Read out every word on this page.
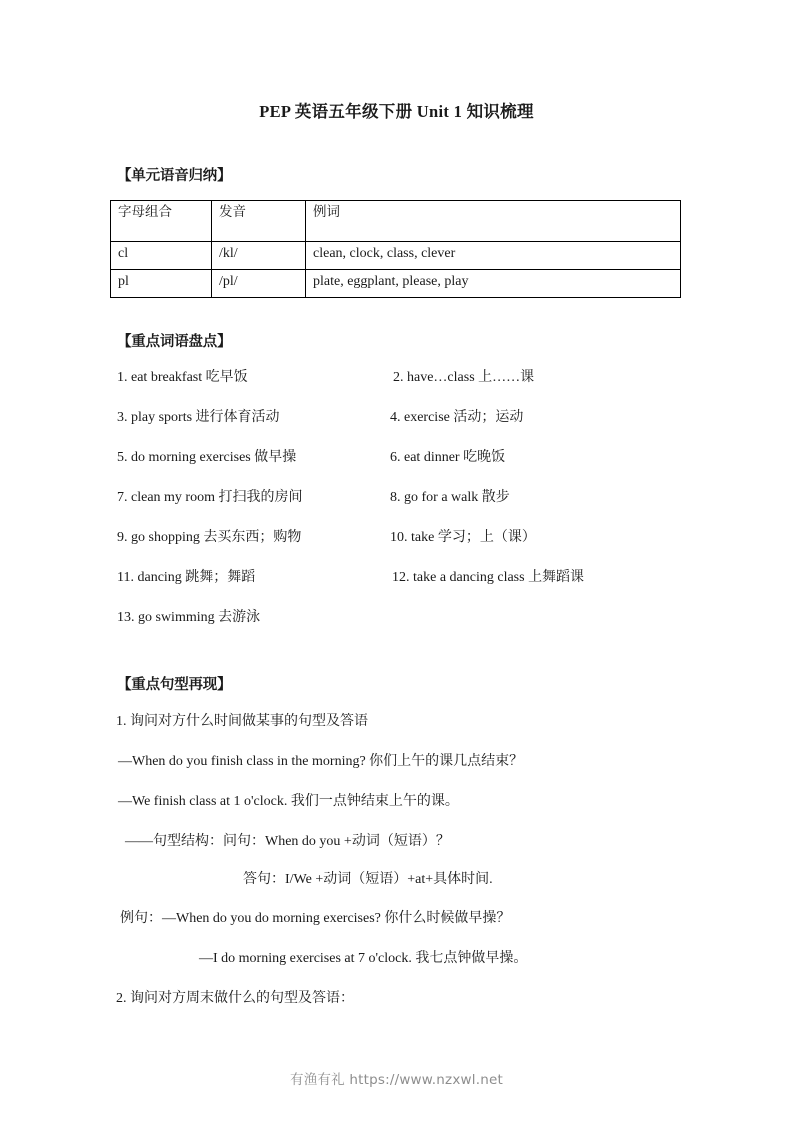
PEP 英语五年级下册 Unit 1 知识梳理
【单元语音归纳】
字母组合	发音	例词
cl	/kl/	clean, clock, class, clever
pl	/pl/	plate, eggplant, please, play
【重点词语盘点】
1. eat breakfast 吃早饭	2. have…class 上……课
3. play sports 进行体育活动	4. exercise 活动；运动
5. do morning exercises 做早操	6. eat dinner 吃晚饭
7. clean my room 打扫我的房间	8. go for a walk 散步
9. go shopping 去买东西；购物	10. take 学习；上（课）
11. dancing 跳舞；舞蹈	12. take a dancing class 上舞蹈课
13. go swimming 去游泳
【重点句型再现】
1. 询问对方什么时间做某事的句型及答语
—When do you finish class in the morning? 你们上午的课几点结束？
—We finish class at 1 o'clock. 我们一点钟结束上午的课。
——句型结构：问句：When do you +动词（短语）？
答句：I/We +动词（短语）+at+具体时间.
例句：—When do you do morning exercises? 你什么时候做早操？
—I do morning exercises at 7 o'clock. 我七点钟做早操。
2. 询问对方周末做什么的句型及答语：
有渔有礼 https://www.nzxwl.net
